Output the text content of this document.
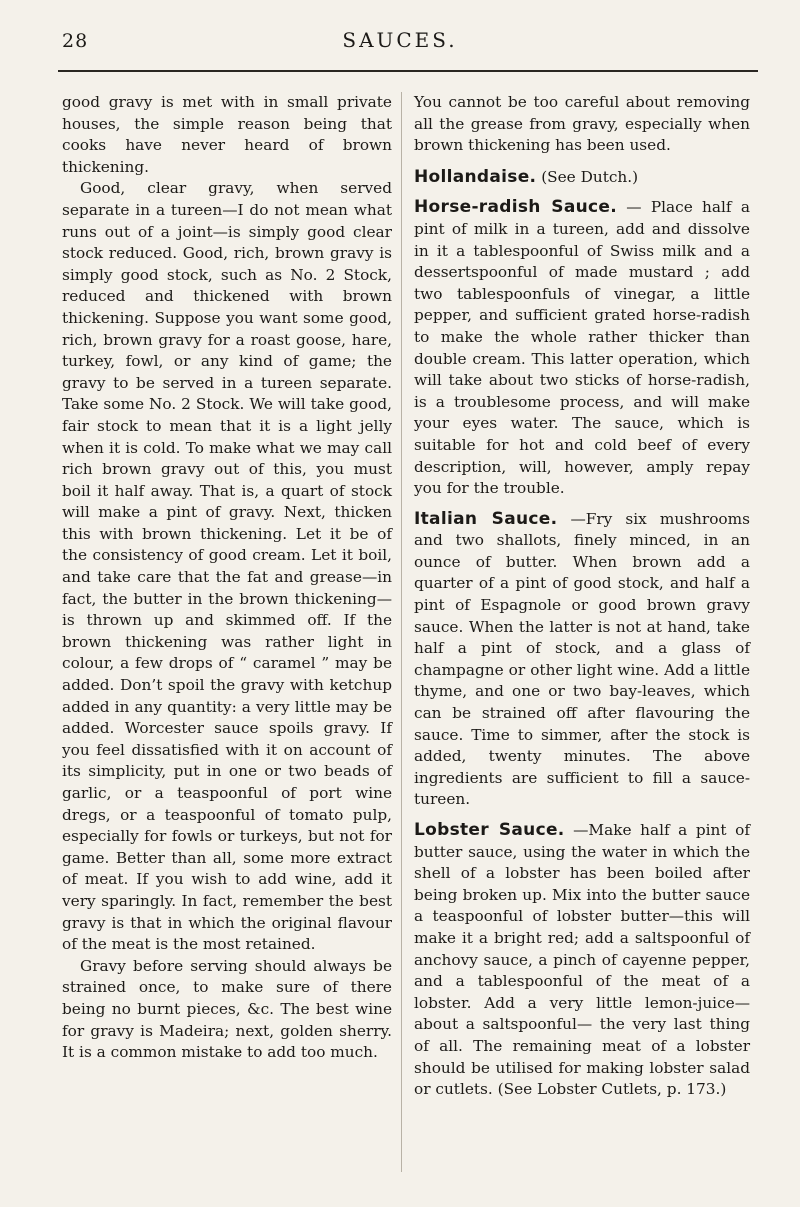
28	SAUCES.

good gravy is met with in small private houses, the simple reason being that cooks have never heard of brown thickening.

Good, clear gravy, when served separate in a tureen—I do not mean what runs out of a joint—is simply good clear stock reduced. Good, rich, brown gravy is simply good stock, such as No. 2 Stock, reduced and thickened with brown thickening. Suppose you want some good, rich, brown gravy for a roast goose, hare, turkey, fowl, or any kind of game; the gravy to be served in a tureen separate. Take some No. 2 Stock. We will take good, fair stock to mean that it is a light jelly when it is cold. To make what we may call rich brown gravy out of this, you must boil it half away. That is, a quart of stock will make a pint of gravy. Next, thicken this with brown thickening. Let it be of the consistency of good cream. Let it boil, and take care that the fat and grease—in fact, the butter in the brown thickening—is thrown up and skimmed off. If the brown thickening was rather light in colour, a few drops of “ caramel ” may be added. Don’t spoil the gravy with ketchup added in any quantity: a very little may be added. Worcester sauce spoils gravy. If you feel dissatisfied with it on account of its simplicity, put in one or two beads of garlic, or a teaspoonful of port wine dregs, or a teaspoonful of tomato pulp, especially for fowls or turkeys, but not for game. Better than all, some more extract of meat. If you wish to add wine, add it very sparingly. In fact, remember the best gravy is that in which the original flavour of the meat is the most retained.

Gravy before serving should always be strained once, to make sure of there being no burnt pieces, &c. The best wine for gravy is Madeira; next, golden sherry. It is a common mistake to add too much.

You cannot be too careful about removing all the grease from gravy, especially when brown thickening has been used.

Hollandaise. (See Dutch.)

Horse-radish Sauce. — Place half a pint of milk in a tureen, add and dissolve in it a tablespoonful of Swiss milk and a dessertspoonful of made mustard ; add two tablespoonfuls of vinegar, a little pepper, and sufficient grated horse-radish to make the whole rather thicker than double cream. This latter operation, which will take about two sticks of horse-radish, is a troublesome process, and will make your eyes water. The sauce, which is suitable for hot and cold beef of every description, will, however, amply repay you for the trouble.

Italian Sauce. —Fry six mushrooms and two shallots, finely minced, in an ounce of butter. When brown add a quarter of a pint of good stock, and half a pint of Espagnole or good brown gravy sauce. When the latter is not at hand, take half a pint of stock, and a glass of champagne or other light wine. Add a little thyme, and one or two bay-leaves, which can be strained off after flavouring the sauce. Time to simmer, after the stock is added, twenty minutes. The above ingredients are sufficient to fill a sauce-tureen.

Lobster Sauce. —Make half a pint of butter sauce, using the water in which the shell of a lobster has been boiled after being broken up. Mix into the butter sauce a teaspoonful of lobster butter—this will make it a bright red; add a saltspoonful of anchovy sauce, a pinch of cayenne pepper, and a tablespoonful of the meat of a lobster. Add a very little lemon-juice—about a saltspoonful— the very last thing of all. The remaining meat of a lobster should be utilised for making lobster salad or cutlets. (See Lobster Cutlets, p. 173.)
